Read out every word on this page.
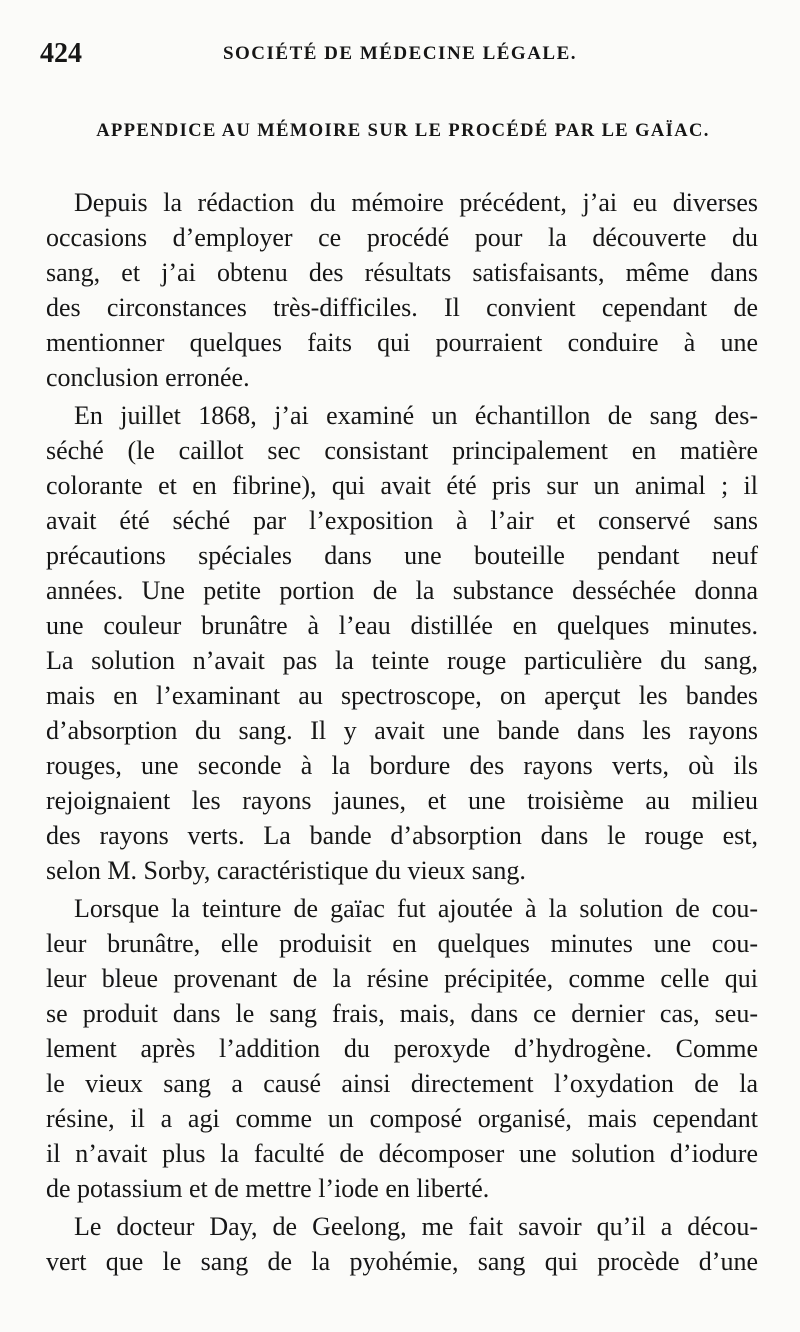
424	SOCIÉTÉ DE MÉDECINE LÉGALE.
APPENDICE AU MÉMOIRE SUR LE PROCÉDÉ PAR LE GAÏAC.

Depuis la rédaction du mémoire précédent, j’ai eu diverses
occasions d’employer ce procédé pour la découverte du
sang, et j’ai obtenu des résultats satisfaisants, même dans
des circonstances très-difficiles. Il convient cependant de
mentionner quelques faits qui pourraient conduire à une
conclusion erronée.

En juillet 1868, j’ai examiné un échantillon de sang des-
séché (le caillot sec consistant principalement en matière
colorante et en fibrine), qui avait été pris sur un animal ; il
avait été séché par l’exposition à l’air et conservé sans
précautions spéciales dans une bouteille pendant neuf
années. Une petite portion de la substance desséchée donna
une couleur brunâtre à l’eau distillée en quelques minutes.
La solution n’avait pas la teinte rouge particulière du sang,
mais en l’examinant au spectroscope, on aperçut les bandes
d’absorption du sang. Il y avait une bande dans les rayons
rouges, une seconde à la bordure des rayons verts, où ils
rejoignaient les rayons jaunes, et une troisième au milieu
des rayons verts. La bande d’absorption dans le rouge est,
selon M. Sorby, caractéristique du vieux sang.

Lorsque la teinture de gaïac fut ajoutée à la solution de cou-
leur brunâtre, elle produisit en quelques minutes une cou-
leur bleue provenant de la résine précipitée, comme celle qui
se produit dans le sang frais, mais, dans ce dernier cas, seu-
lement après l’addition du peroxyde d’hydrogène. Comme
le vieux sang a causé ainsi directement l’oxydation de la
résine, il a agi comme un composé organisé, mais cependant
il n’avait plus la faculté de décomposer une solution d’iodure
de potassium et de mettre l’iode en liberté.

Le docteur Day, de Geelong, me fait savoir qu’il a décou-
vert que le sang de la pyohémie, sang qui procède d’une
